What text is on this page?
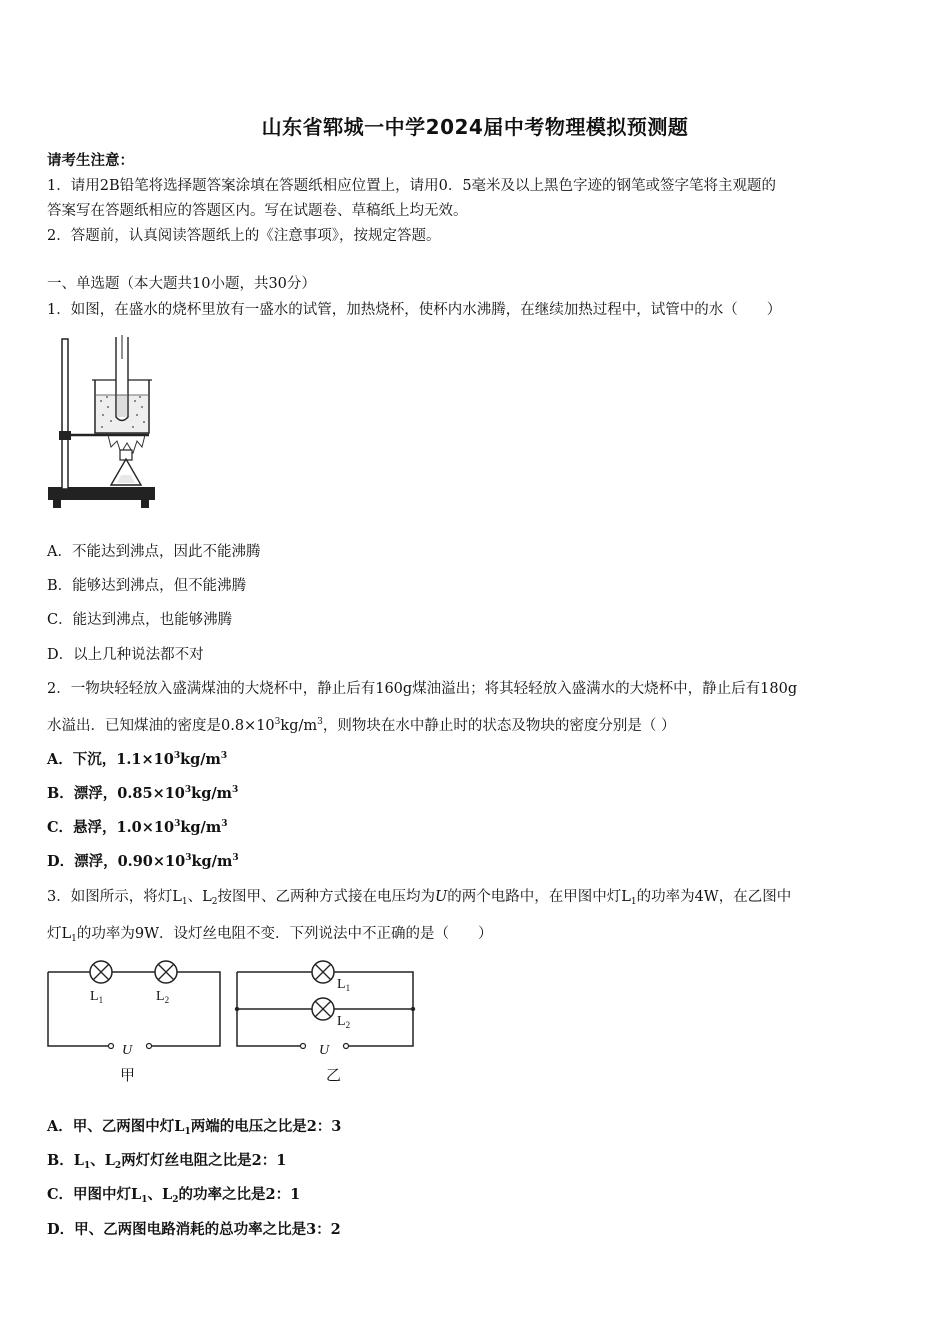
山东省郓城一中学2024届中考物理模拟预测题
请考生注意：
1．请用2B铅笔将选择题答案涂填在答题纸相应位置上，请用0．5毫米及以上黑色字迹的钢笔或签字笔将主观题的
答案写在答题纸相应的答题区内。写在试题卷、草稿纸上均无效。
2．答题前，认真阅读答题纸上的《注意事项》，按规定答题。
一、单选题（本大题共10小题，共30分）
1．如图，在盛水的烧杯里放有一盛水的试管，加热烧杯，使杯内水沸腾，在继续加热过程中，试管中的水（　　）
A．不能达到沸点，因此不能沸腾
B．能够达到沸点，但不能沸腾
C．能达到沸点，也能够沸腾
D．以上几种说法都不对
2．一物块轻轻放入盛满煤油的大烧杯中，静止后有160g煤油溢出；将其轻轻放入盛满水的大烧杯中，静止后有180g
水溢出．已知煤油的密度是$0.8\times 10^3kg/m^3$，则物块在水中静止时的状态及物块的密度分别是（ ）
A．下沉，$1.1\times 10^3kg/m^3$
B．漂浮，$0.85\times 10^3kg/m^3$
C．悬浮，$1.0\times 10^3kg/m^3$
D．漂浮，$0.90\times 10^3kg/m^3$
3．如图所示，将灯$L_1$、$L_2$按图甲、乙两种方式接在电压均为U的两个电路中，在甲图中灯$L_1$的功率为4W，在乙图中
灯$L_1$的功率为9W．设灯丝电阻不变．下列说法中不正确的是（　　）
$L_1$	$L_2$
U
甲
$L_1$
$L_2$
U
乙
A．甲、乙两图中灯$L_1$两端的电压之比是2：3
B．$L_1$、$L_2$两灯灯丝电阻之比是2：1
C．甲图中灯$L_1$、$L_2$的功率之比是2：1
D．甲、乙两图电路消耗的总功率之比是3：2
